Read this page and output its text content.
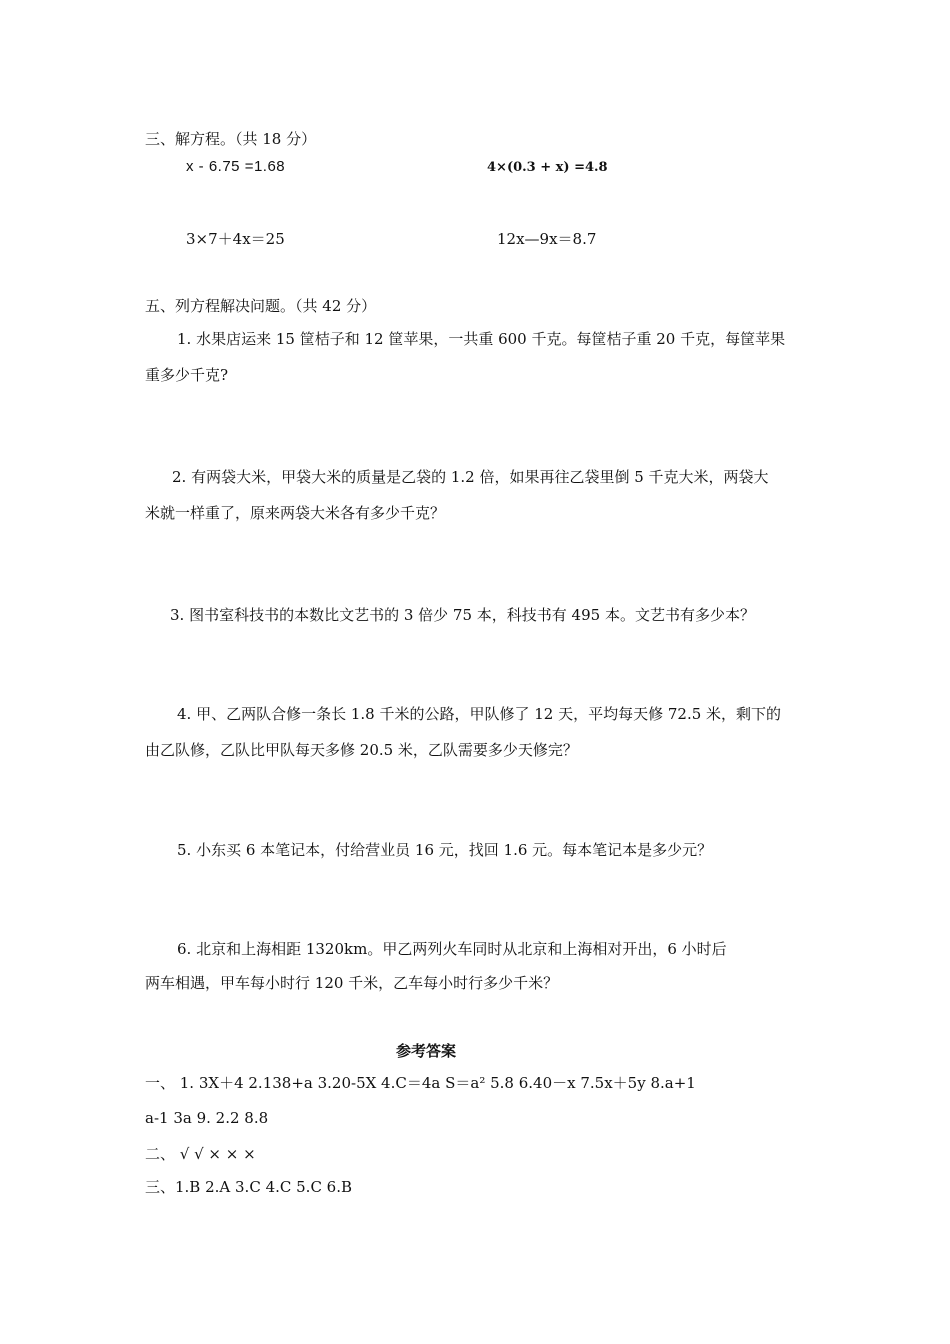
三、解方程。（共 18 分）
x - 6.75 =1.68	4×(0.3 + x) =4.8
3×7＋4x＝25	12x—9x＝8.7
五、列方程解决问题。（共 42 分）
1. 水果店运来 15 筐桔子和 12 筐苹果，一共重 600 千克。每筐桔子重 20 千克，每筐苹果
重多少千克?
2. 有两袋大米，甲袋大米的质量是乙袋的 1.2 倍，如果再往乙袋里倒 5 千克大米，两袋大
米就一样重了，原来两袋大米各有多少千克？
3. 图书室科技书的本数比文艺书的 3 倍少 75 本，科技书有 495 本。文艺书有多少本？
4. 甲、乙两队合修一条长 1.8 千米的公路，甲队修了 12 天，平均每天修 72.5 米，剩下的
由乙队修，乙队比甲队每天多修 20.5 米，乙队需要多少天修完？
5. 小东买 6 本笔记本，付给营业员 16 元，找回 1.6 元。每本笔记本是多少元？
6. 北京和上海相距 1320km。甲乙两列火车同时从北京和上海相对开出，6 小时后
两车相遇，甲车每小时行 120 千米，乙车每小时行多少千米？
参考答案
一、 1. 3X＋4 2.138+a 3.20-5X 4.C＝4a S＝a² 5.8 6.40－x 7.5x＋5y 8.a+1
a-1 3a 9. 2.2 8.8
二、 √ √ × × ×
三、1.B 2.A 3.C 4.C 5.C 6.B
